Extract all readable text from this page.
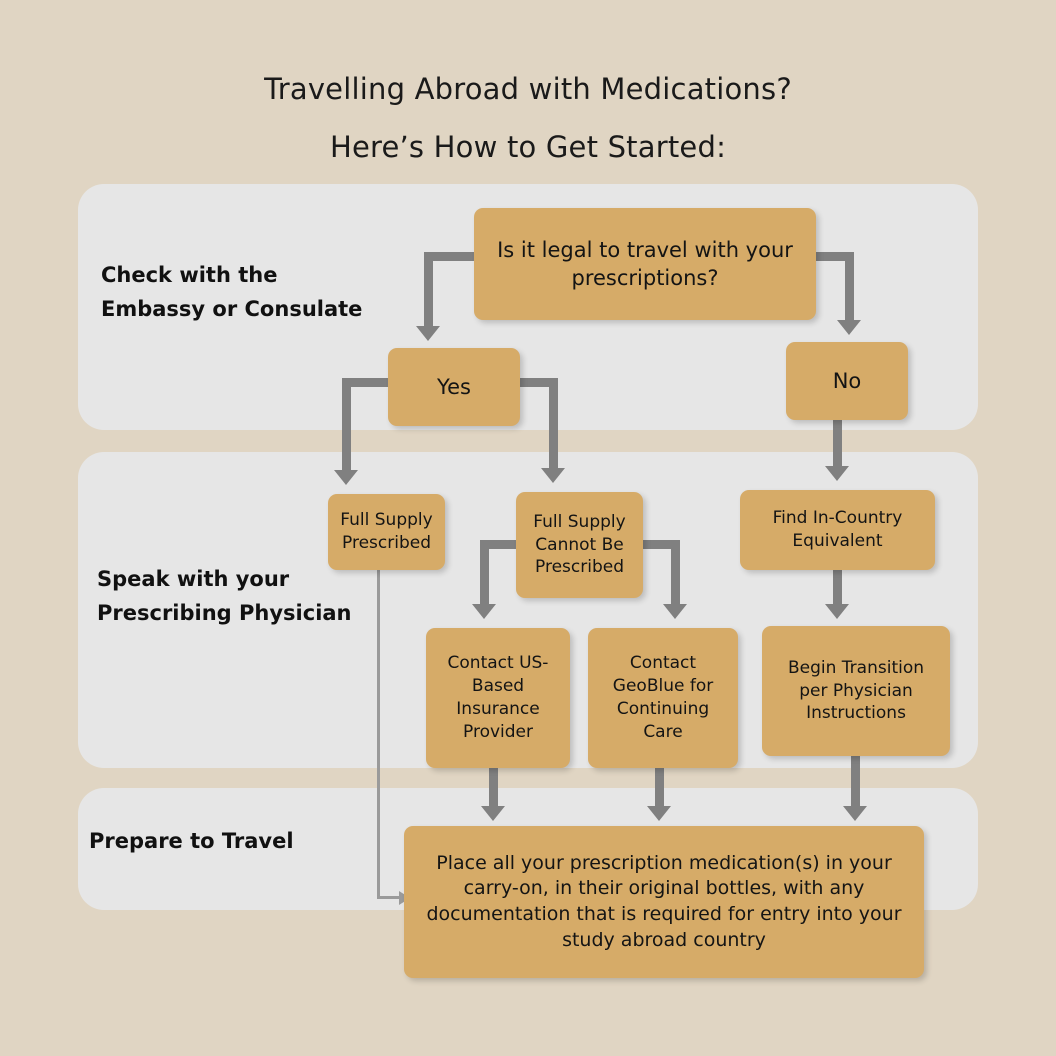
Travelling Abroad with Medications?
Here’s How to Get Started:
Check with the
Embassy or Consulate
Speak with your
Prescribing Physician
Prepare to Travel
Is it legal to travel with your prescriptions?
Yes	No
Full Supply Prescribed
Full Supply Cannot Be Prescribed
Find In-Country Equivalent
Contact US-Based Insurance Provider
Contact GeoBlue for Continuing Care
Begin Transition per Physician Instructions
Place all your prescription medication(s) in your carry-on, in their original bottles, with any documentation that is required for entry into your study abroad country
